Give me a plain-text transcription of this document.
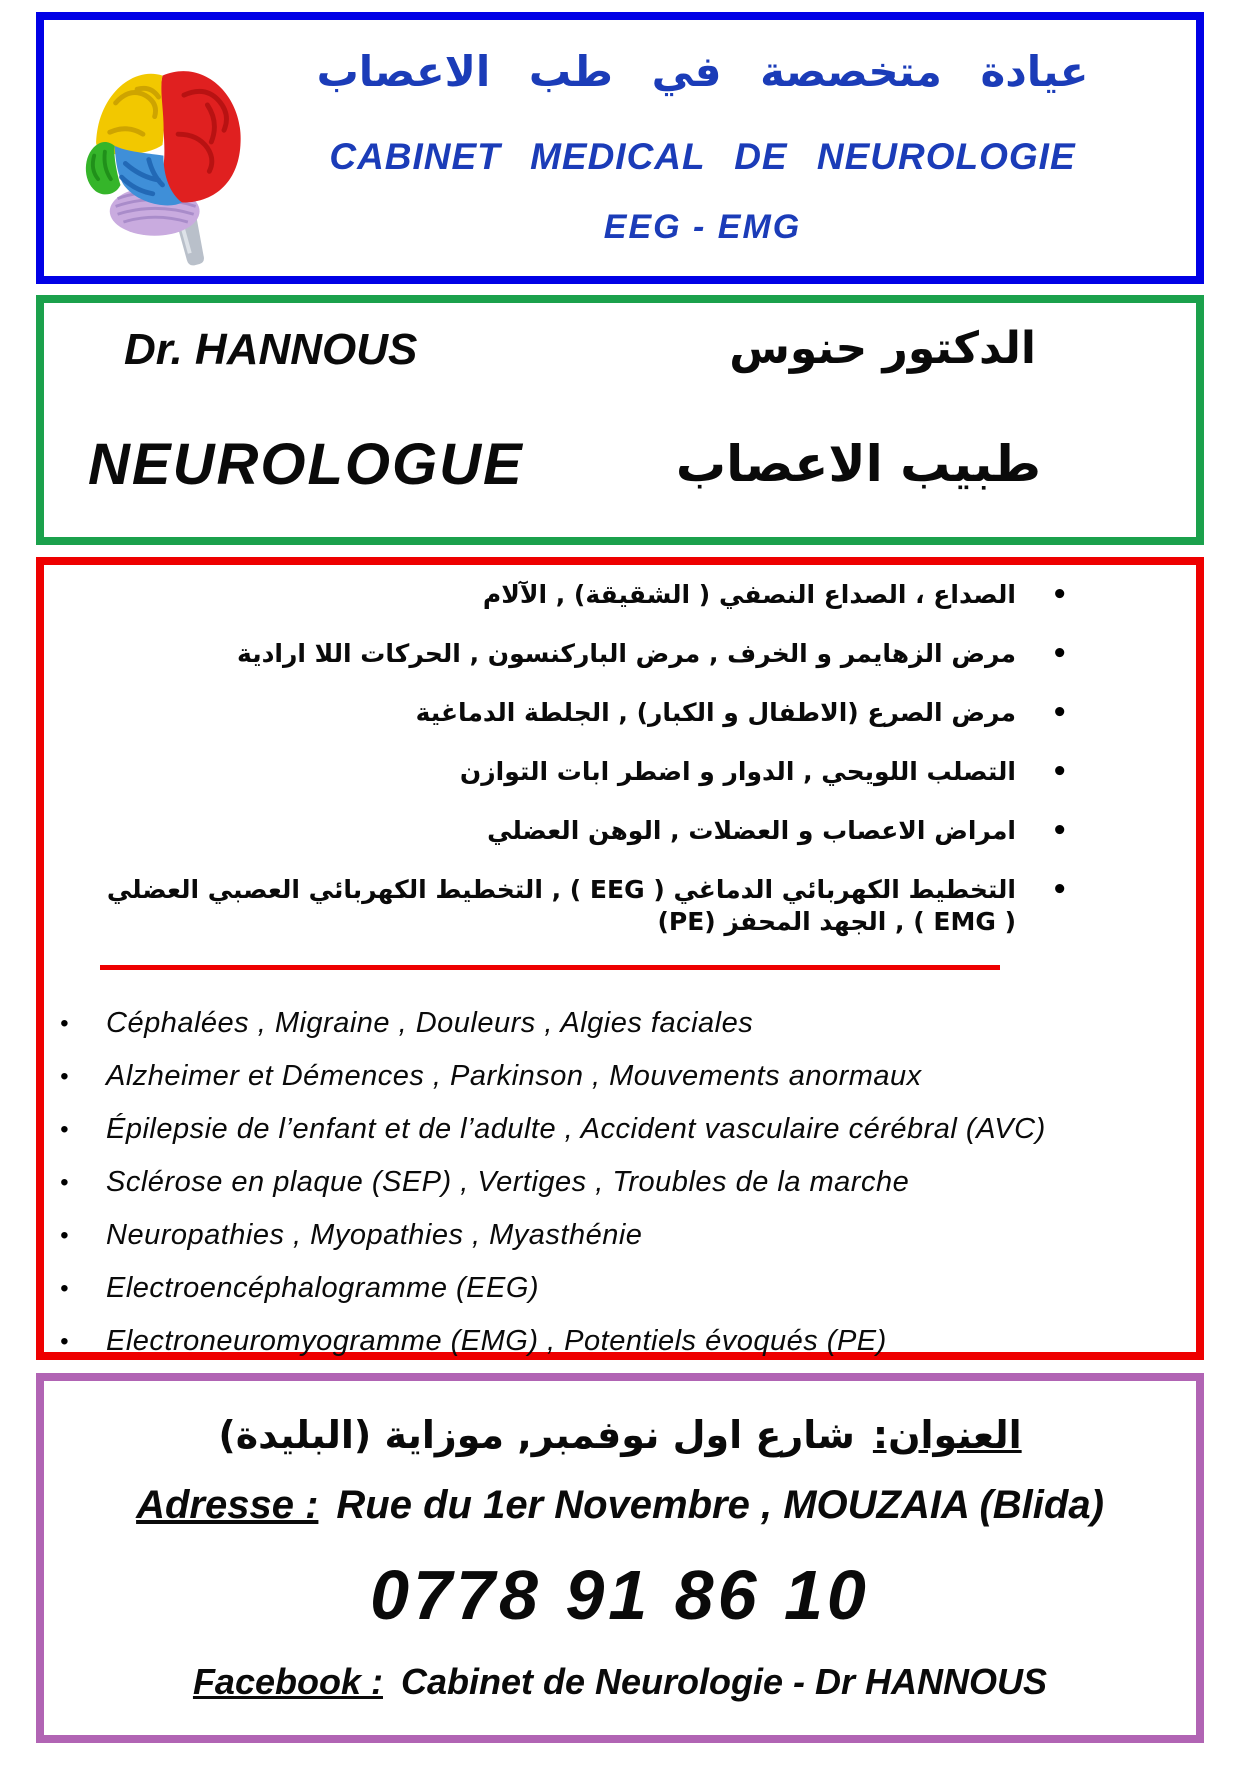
عيادة متخصصة في طب الاعصاب
CABINET MEDICAL DE NEUROLOGIE
EEG - EMG
Dr. HANNOUS	الدكتور حنوس
NEUROLOGUE	طبيب الاعصاب
• الصداع ، الصداع النصفي ( الشقيقة) , الآلام
• مرض الزهايمر و الخرف , مرض الباركنسون , الحركات اللا ارادية
• مرض الصرع (الاطفال و الكبار) , الجلطة الدماغية
• التصلب اللويحي , الدوار و اضطر ابات التوازن
• امراض الاعصاب و العضلات , الوهن العضلي
• التخطيط الكهربائي الدماغي ( EEG ) , التخطيط الكهربائي العصبي العضلي ( EMG ) , الجهد المحفز (PE)
• Céphalées , Migraine , Douleurs , Algies faciales
• Alzheimer et Démences , Parkinson , Mouvements anormaux
• Épilepsie de l’enfant et de l’adulte , Accident vasculaire cérébral (AVC)
• Sclérose en plaque (SEP) , Vertiges , Troubles de la marche
• Neuropathies , Myopathies , Myasthénie
• Electroencéphalogramme (EEG)
• Electroneuromyogramme (EMG) , Potentiels évoqués (PE)
العنوان:شارع اول نوفمبر, موزاية (البليدة)
Adresse : Rue du 1er Novembre , MOUZAIA (Blida)
0778 91 86 10
Facebook : Cabinet de Neurologie - Dr HANNOUS
